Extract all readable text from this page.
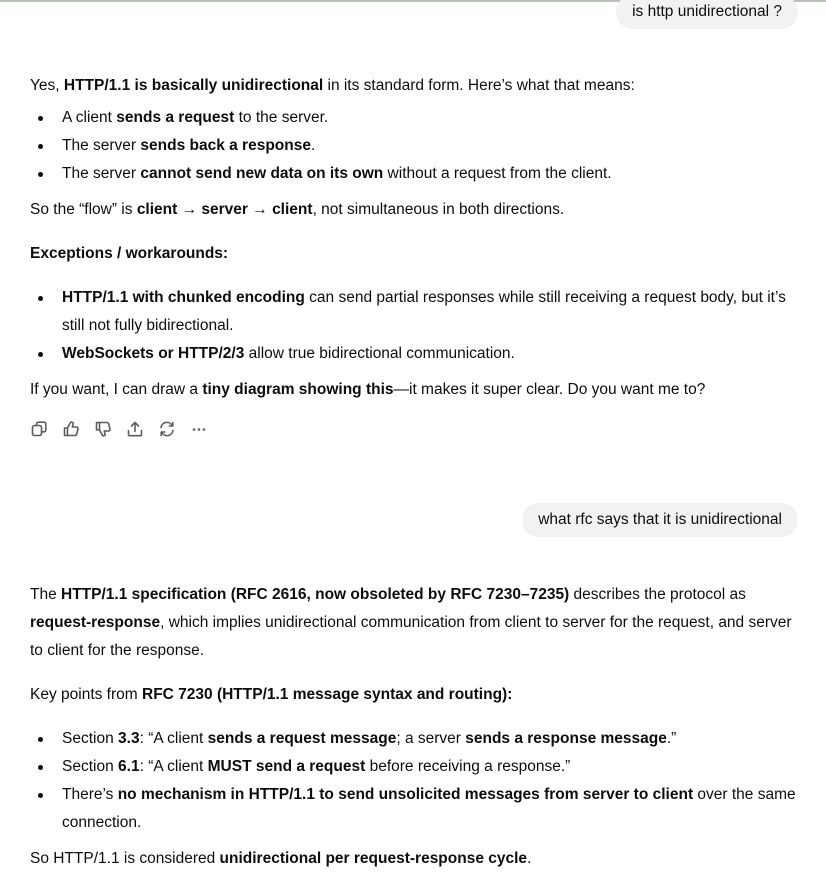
is http unidirectional ?

Yes, HTTP/1.1 is basically unidirectional in its standard form. Here’s what that means:

A client sends a request to the server.
The server sends back a response.
The server cannot send new data on its own without a request from the client.

So the “flow” is client → server → client, not simultaneous in both directions.

Exceptions / workarounds:

HTTP/1.1 with chunked encoding can send partial responses while still receiving a request body, but it’s still not fully bidirectional.
WebSockets or HTTP/2/3 allow true bidirectional communication.

If you want, I can draw a tiny diagram showing this—it makes it super clear. Do you want me to?

what rfc says that it is unidirectional

The HTTP/1.1 specification (RFC 2616, now obsoleted by RFC 7230–7235) describes the protocol as request-response, which implies unidirectional communication from client to server for the request, and server to client for the response.

Key points from RFC 7230 (HTTP/1.1 message syntax and routing):

Section 3.3: “A client sends a request message; a server sends a response message.”
Section 6.1: “A client MUST send a request before receiving a response.”
There’s no mechanism in HTTP/1.1 to send unsolicited messages from server to client over the same connection.

So HTTP/1.1 is considered unidirectional per request-response cycle.
